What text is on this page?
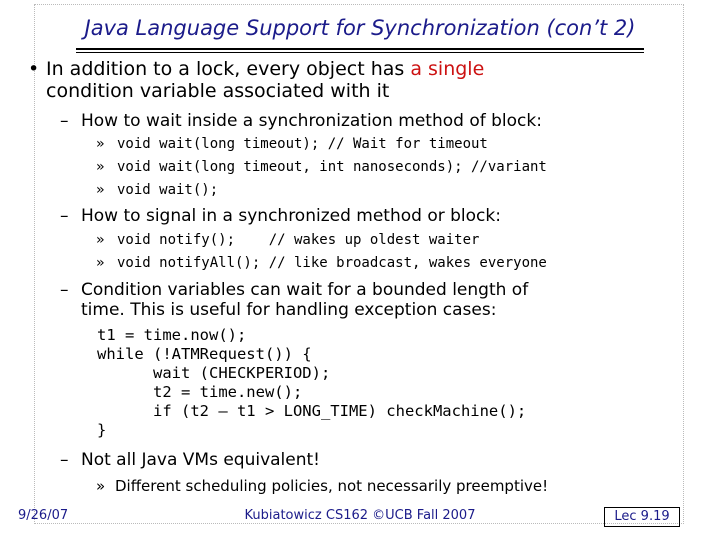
Java Language Support for Synchronization (con’t 2)
• In addition to a lock, every object has a single
condition variable associated with it
– How to wait inside a synchronization method of block:
» void wait(long timeout); // Wait for timeout
» void wait(long timeout, int nanoseconds); //variant
» void wait();
– How to signal in a synchronized method or block:
» void notify();    // wakes up oldest waiter
» void notifyAll(); // like broadcast, wakes everyone
– Condition variables can wait for a bounded length of
time. This is useful for handling exception cases:

t1 = time.now();

while (!ATMRequest()) {

wait (CHECKPERIOD);

t2 = time.new();

if (t2 – t1 > LONG_TIME) checkMachine();

}

– Not all Java VMs equivalent!
» Different scheduling policies, not necessarily preemptive!
9/26/07	Kubiatowicz CS162 ©UCB Fall 2007	Lec 9.19
